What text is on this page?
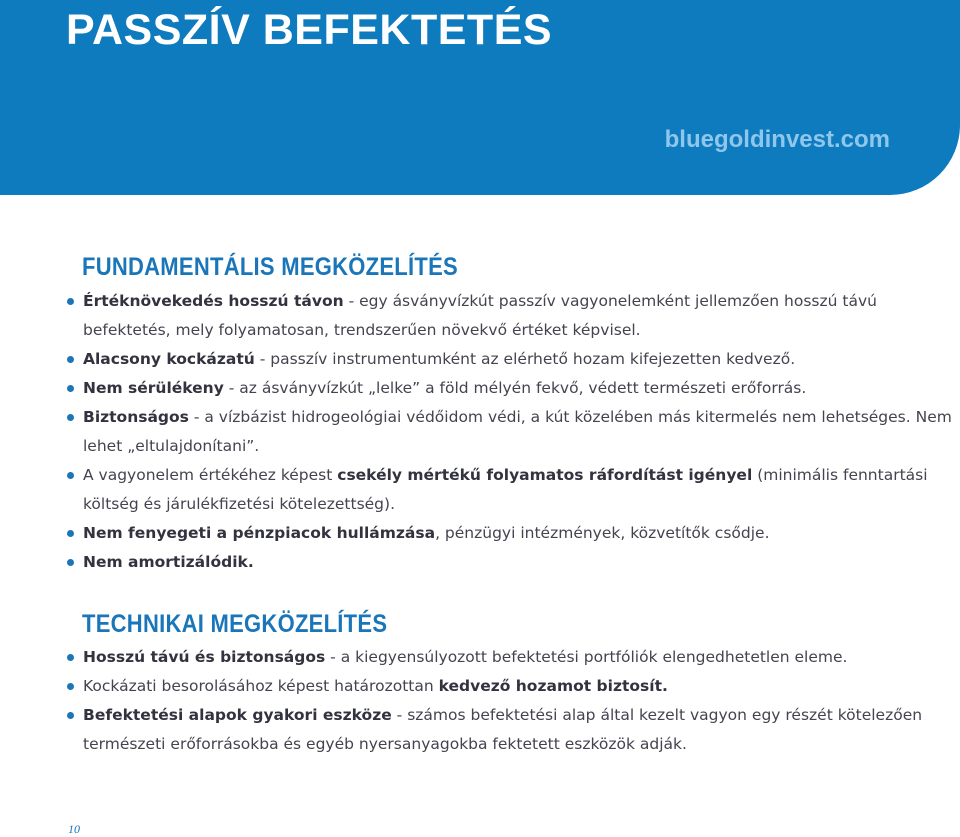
PASSZÍV BEFEKTETÉS
bluegoldinvest.com
FUNDAMENTÁLIS MEGKÖZELÍTÉS
Értéknövekedés hosszú távon - egy ásványvízkút passzív vagyonelemként jellemzően hosszú távú befektetés, mely folyamatosan, trendszerűen növekvő értéket képvisel.
Alacsony kockázatú - passzív instrumentumként az elérhető hozam kifejezetten kedvező.
Nem sérülékeny - az ásványvízkút „lelke” a föld mélyén fekvő, védett természeti erőforrás.
Biztonságos - a vízbázist hidrogeológiai védőidom védi, a kút közelében más kitermelés nem lehetséges. Nem lehet „eltulajdonítani”.
A vagyonelem értékéhez képest csekély mértékű folyamatos ráfordítást igényel (minimális fenntartási költség és járulékfizetési kötelezettség).
Nem fenyegeti a pénzpiacok hullámzása, pénzügyi intézmények, közvetítők csődje.
Nem amortizálódik.
TECHNIKAI MEGKÖZELÍTÉS
Hosszú távú és biztonságos - a kiegyensúlyozott befektetési portfóliók elengedhetetlen eleme.
Kockázati besorolásához képest határozottan kedvező hozamot biztosít.
Befektetési alapok gyakori eszköze - számos befektetési alap által kezelt vagyon egy részét kötelezően természeti erőforrásokba és egyéb nyersanyagokba fektetett eszközök adják.
10
